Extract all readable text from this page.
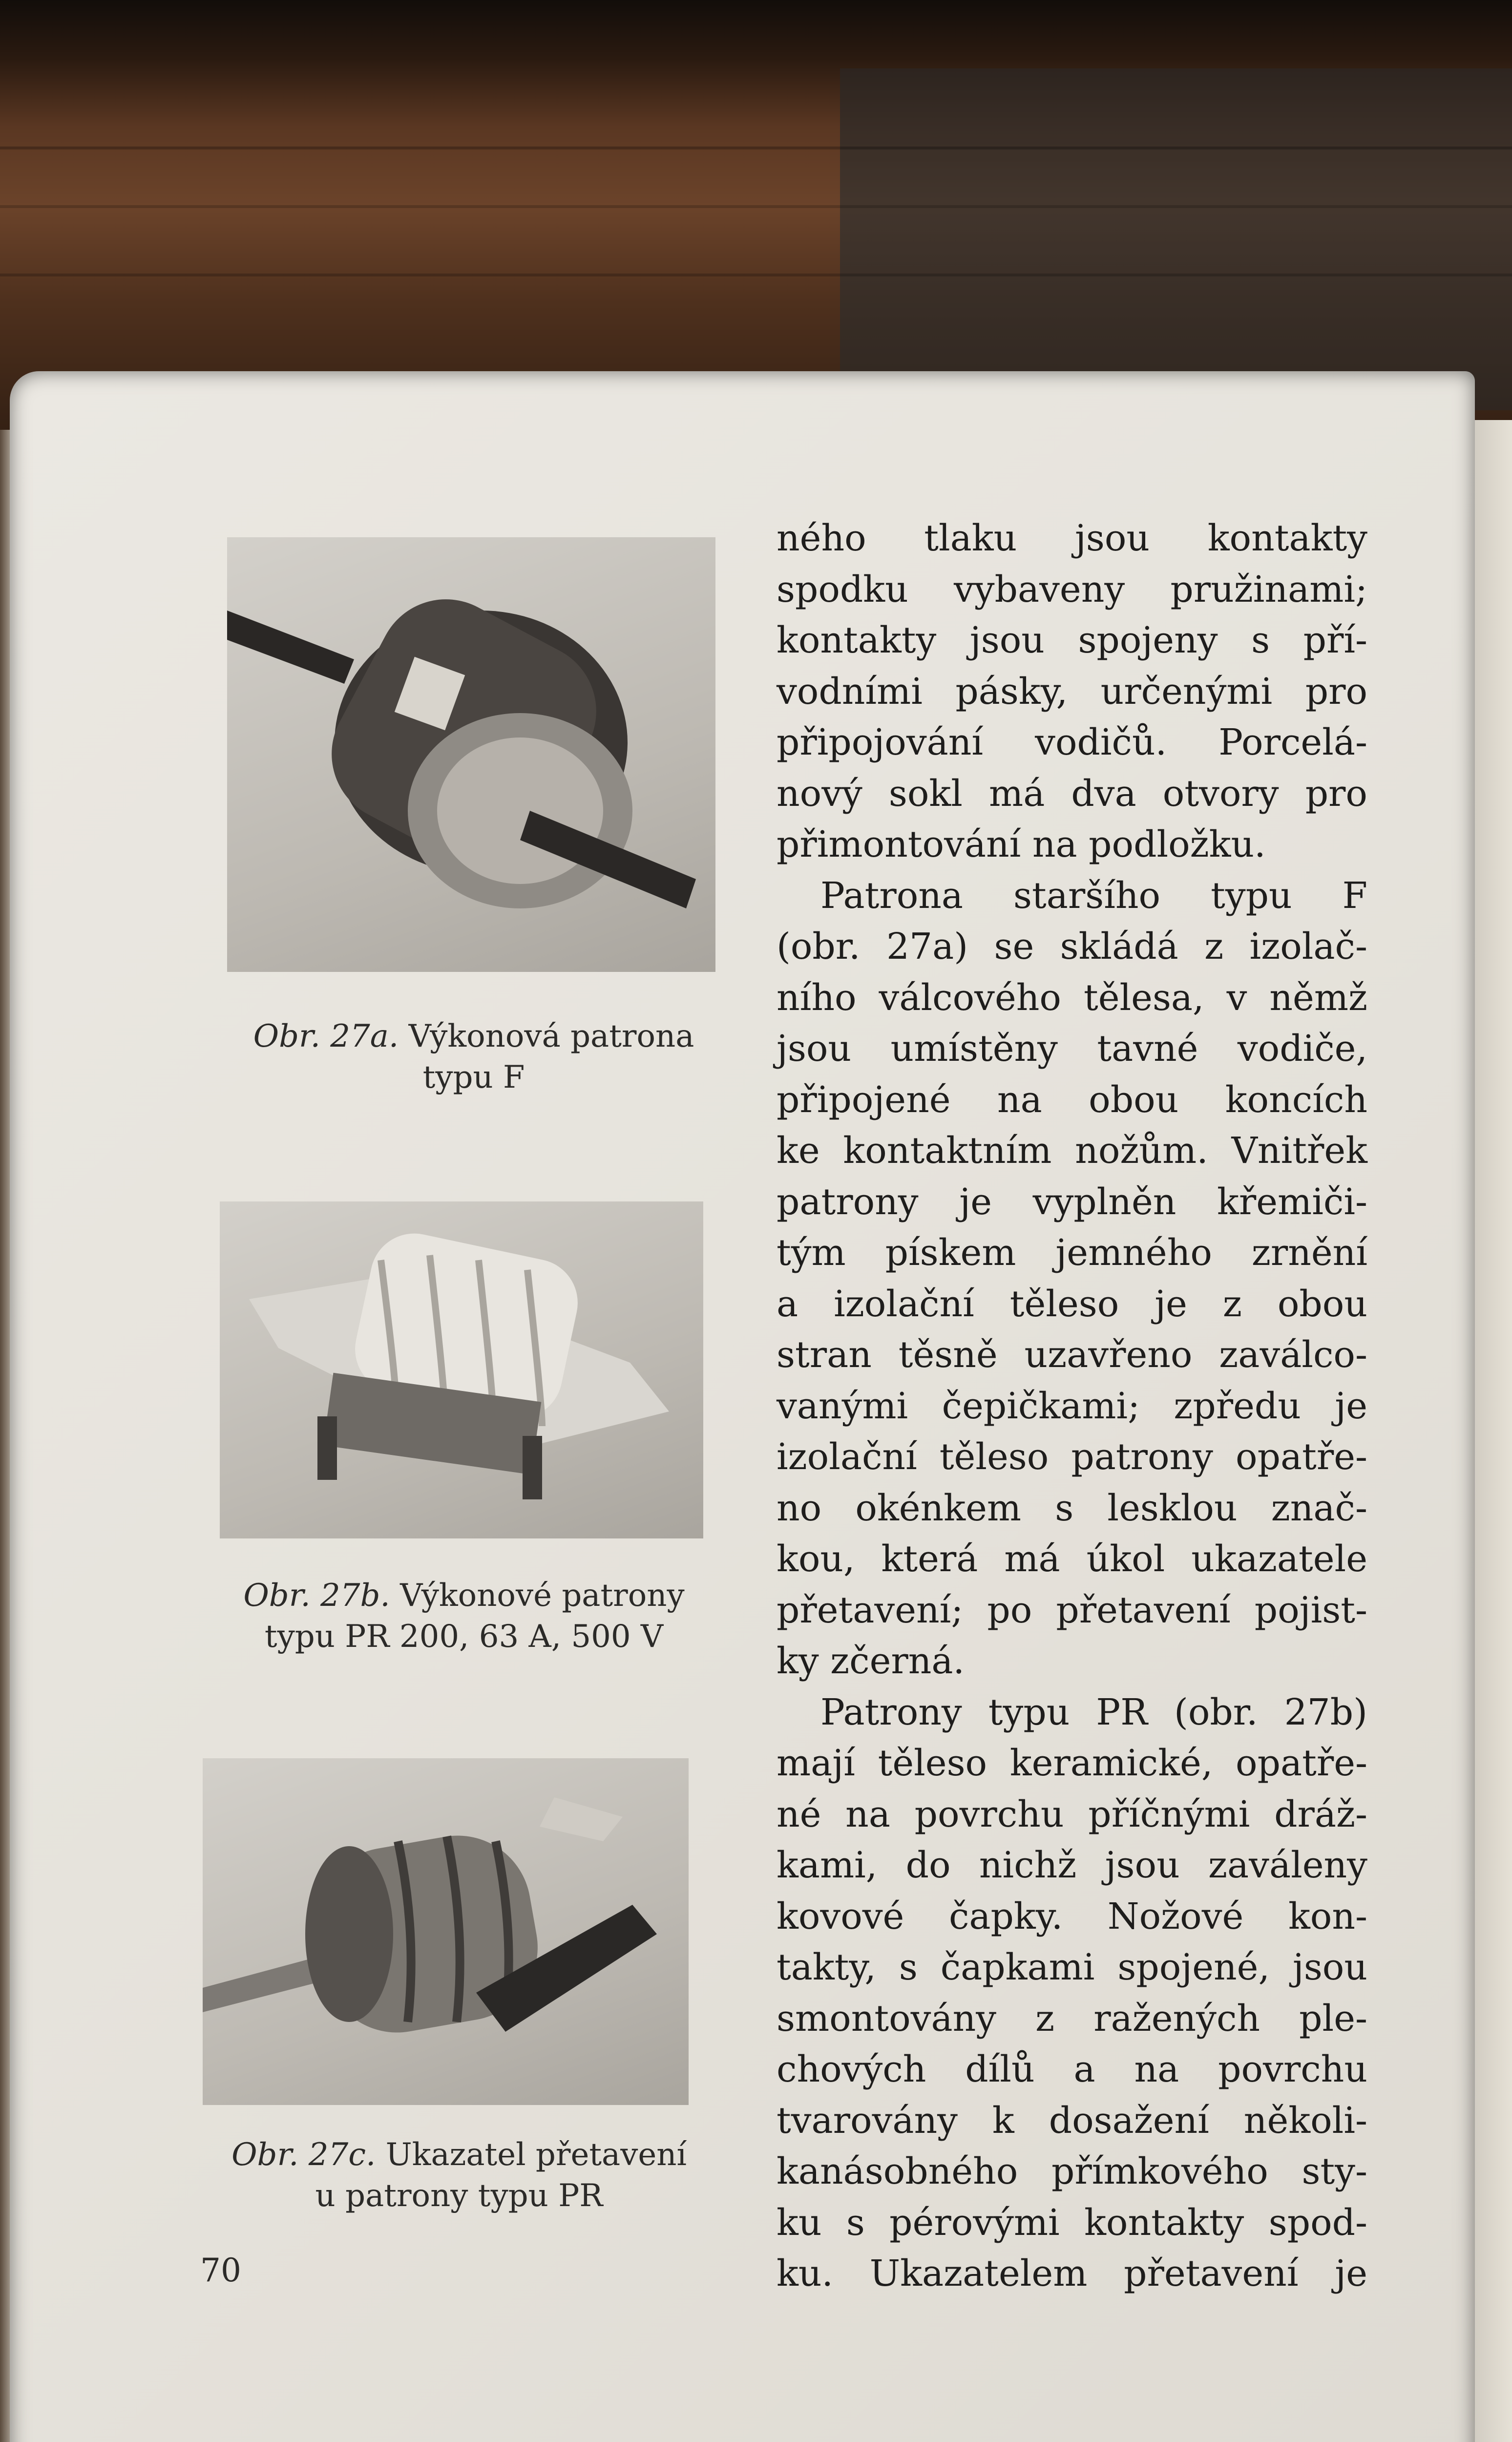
Obr. 27a. Výkonová patrona
typu F
Obr. 27b. Výkonové patrony
typu PR 200, 63 A, 500 V
Obr. 27c. Ukazatel přetavení
u patrony typu PR
ného tlaku jsou kontakty
spodku vybaveny pružinami;
kontakty jsou spojeny s pří-
vodními pásky, určenými pro
připojování vodičů. Porcelá-
nový sokl má dva otvory pro
přimontování na podložku.
Patrona staršího typu F
(obr. 27a) se skládá z izolač-
ního válcového tělesa, v němž
jsou umístěny tavné vodiče,
připojené na obou koncích
ke kontaktním nožům. Vnitřek
patrony je vyplněn křemiči-
tým pískem jemného zrnění
a izolační těleso je z obou
stran těsně uzavřeno zaválco-
vanými čepičkami; zpředu je
izolační těleso patrony opatře-
no okénkem s lesklou znač-
kou, která má úkol ukazatele
přetavení; po přetavení pojist-
ky zčerná.
Patrony typu PR (obr. 27b)
mají těleso keramické, opatře-
né na povrchu příčnými dráž-
kami, do nichž jsou zaváleny
kovové čapky. Nožové kon-
takty, s čapkami spojené, jsou
smontovány z ražených ple-
chových dílů a na povrchu
tvarovány k dosažení několi-
kanásobného přímkového sty-
ku s pérovými kontakty spod-
ku. Ukazatelem přetavení je
70
